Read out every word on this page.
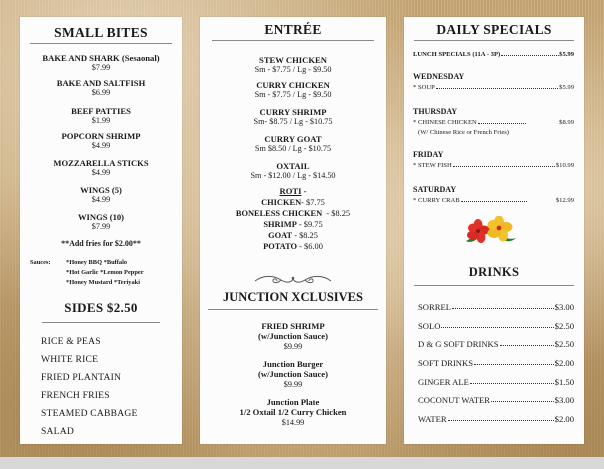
SMALL BITES
BAKE AND SHARK (Sesaonal)
$7.99
BAKE AND SALTFISH
$6.99
BEEF PATTIES
$1.99
POPCORN SHRIMP
$4.99
MOZZARELLA STICKS
$4.99
WINGS (5)
$4.99
WINGS (10)
$7.99
**Add fries for $2.00**
Sauces: *Honey BBQ *Buffalo
*Hot Garlic *Lemon Pepper
*Honey Mustard *Teriyaki
SIDES $2.50
RICE & PEAS
WHITE RICE
FRIED PLANTAIN
FRENCH FRIES
STEAMED CABBAGE
SALAD
ENTRÉE
STEW CHICKEN
Sm - $7.75 / Lg - $9.50
CURRY CHICKEN
Sm - $7.75 / Lg - $9.50
CURRY SHRIMP
Sm- $8.75 / Lg - $10.75
CURRY GOAT
Sm $8.50 / Lg - $10.75
OXTAIL
Sm - $12.00 / Lg - $14.50
ROTI -
CHICKEN- $7.75
BONELESS CHICKEN  - $8.25
SHRIMP - $9.75
GOAT - $8.25
POTATO - $6.00
JUNCTION XCLUSIVES
FRIED SHRIMP
(w/Junction Sauce)
$9.99
Junction Burger
(w/Junction Sauce)
$9.99
Junction Plate
1/2 Oxtail 1/2 Curry Chicken
$14.99
DAILY SPECIALS
LUNCH SPECIALS (11A - 3P)	.$5.99
WEDNESDAY
* SOUP	$5.99
THURSDAY
* CHINESE CHICKEN	$8.99
(W/ Chinese Rice or French Fries)
FRIDAY
* STEW FISH	$10.99
SATURDAY
* CURRY CRAB	$12.99
DRINKS
SORREL	$3.00
SOLO	$2.50
D & G SOFT DRINKS	$2.50
SOFT DRINKS	$2.00
GINGER ALE	$1.50
COCONUT WATER	$3.00
WATER	$2.00
